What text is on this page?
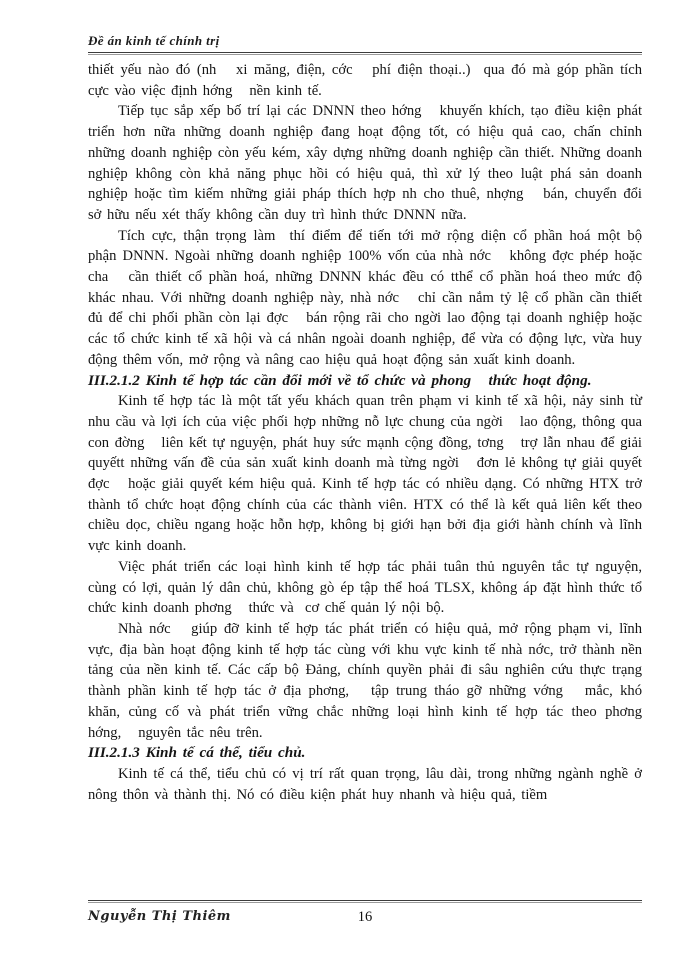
Đề án kinh tế chính trị

thiết yếu nào đó (nh   xi măng, điện, cớc   phí điện thoại..)  qua đó mà góp phần tích cực vào việc định hớng   nền kinh tế.

Tiếp tục sắp xếp bố trí lại các DNNN theo hớng   khuyến khích, tạo điều kiện phát triển hơn nữa những doanh nghiệp đang hoạt động tốt, có hiệu quả cao, chấn chỉnh những doanh nghiệp còn yếu kém, xây dựng những doanh nghiệp cần thiết. Những doanh nghiệp không còn khả năng phục hồi có hiệu quả, thì xử lý theo luật phá sản doanh nghiệp hoặc tìm kiếm những giải pháp thích hợp nh cho thuê, nhợng   bán, chuyển đổi sở hữu nếu xét thấy không cần duy trì hình thức DNNN nữa.

Tích cực, thận trọng làm  thí điểm để tiến tới mở rộng diện cổ phần hoá một bộ phận DNNN. Ngoài những doanh nghiệp 100% vốn của nhà nớc   không đợc phép hoặc cha   cần thiết cổ phần hoá, những DNNN khác đều có tthể cổ phần hoá theo mức độ khác nhau. Với những doanh nghiệp này, nhà nớc   chỉ cần nắm tỷ lệ cổ phần cần thiết đủ để chi phối phần còn lại đợc   bán rộng rãi cho ngời lao động tại doanh nghiệp hoặc các tổ chức kinh tế xã hội và cá nhân ngoài doanh nghiệp, để vừa có động lực, vừa huy động thêm vốn, mở rộng và nâng cao hiệu quả hoạt động sản xuất kinh doanh.

III.2.1.2 Kinh tế hợp tác cần đổi mới về tổ chức và phong   thức hoạt động.

Kinh tế hợp tác là một tất yếu khách quan trên phạm vi kinh tế xã hội, nảy sinh từ nhu cầu và lợi ích của việc phối hợp những nỗ lực chung của ngời   lao động, thông qua con đờng   liên kết tự nguyện, phát huy sức mạnh cộng đồng, tơng   trợ lẫn nhau để giải quyếtt những vấn đề của sản xuất kinh doanh mà từng ngời   đơn lẻ không tự giải quyết đợc   hoặc giải quyết kém hiệu quả. Kinh tế hợp tác có nhiều dạng. Có những HTX trở thành tổ chức hoạt động chính của các thành viên. HTX có thể là kết quả liên kết theo chiều dọc, chiều ngang hoặc hỗn hợp, không bị giới hạn bởi địa giới hành chính và lĩnh vực kinh doanh.

Việc phát triển các loại hình kinh tế hợp tác phải tuân thủ nguyên tắc tự nguyện, cùng có lợi, quản lý dân chủ, không gò ép tập thể hoá TLSX, không áp đặt hình thức tổ chức kinh doanh phơng   thức và  cơ chế quản lý nội bộ.

Nhà nớc   giúp đỡ kinh tế hợp tác phát triển có hiệu quả, mở rộng phạm vi, lĩnh vực, địa bàn hoạt động kinh tế hợp tác cùng với khu vực kinh tế nhà nớc, trở thành nền tảng của nền kinh tế. Các cấp bộ Đảng, chính quyền phải đi sâu nghiên cứu thực trạng thành phần kinh tế hợp tác ở địa phơng,   tập trung tháo gỡ những vớng   mắc, khó khăn, củng cố và phát triển vững chắc những loại hình kinh tế hợp tác theo phơng   hớng,   nguyên tắc nêu trên.

III.2.1.3 Kinh tế cá thể, tiểu chủ.

Kinh tế cá thể, tiểu chủ có vị trí rất quan trọng, lâu dài, trong những ngành nghề ở nông thôn và thành thị. Nó có điều kiện phát huy nhanh và hiệu quả, tiềm

Nguyễn Thị Thiêm	16
